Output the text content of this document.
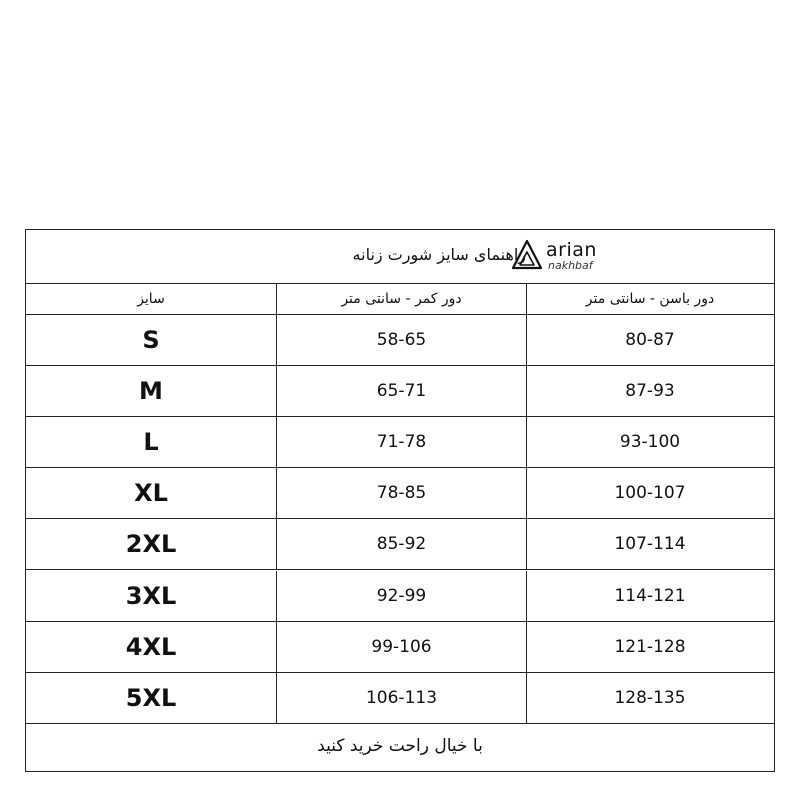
راهنمای سایز شورت زنانه arian
nakhbaf
سایز	دور کمر - سانتی متر	دور باسن - سانتی متر
S	58-65	80-87
M	65-71	87-93
L	71-78	93-100
XL	78-85	100-107
2XL	85-92	107-114
3XL	92-99	114-121
4XL	99-106	121-128
5XL	106-113	128-135
با خیال راحت خرید کنید
